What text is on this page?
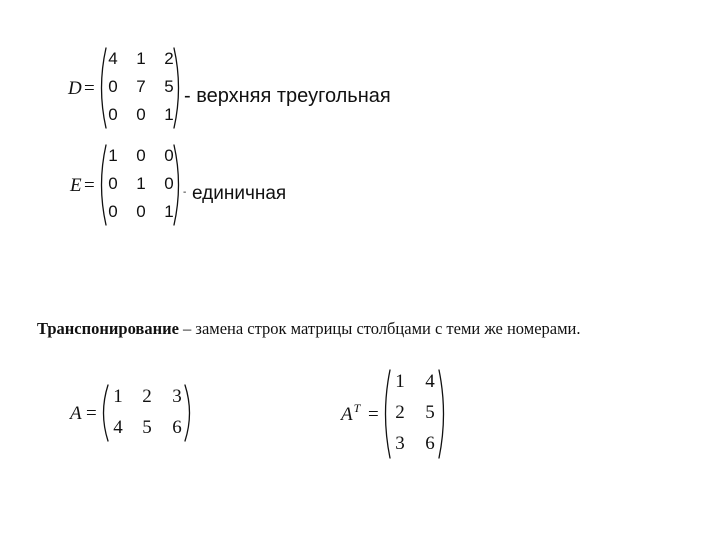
D =
4	1	2
0	7	5
0	0	1
- верхняя треугольная
E =
1	0	0
0	1	0
0	0	1
- единичная
Транспонирование – замена строк матрицы столбцами с теми же номерами.
A =
1 2 3
4 5 6
$A^T$ =
1 4
2 5
3 6
